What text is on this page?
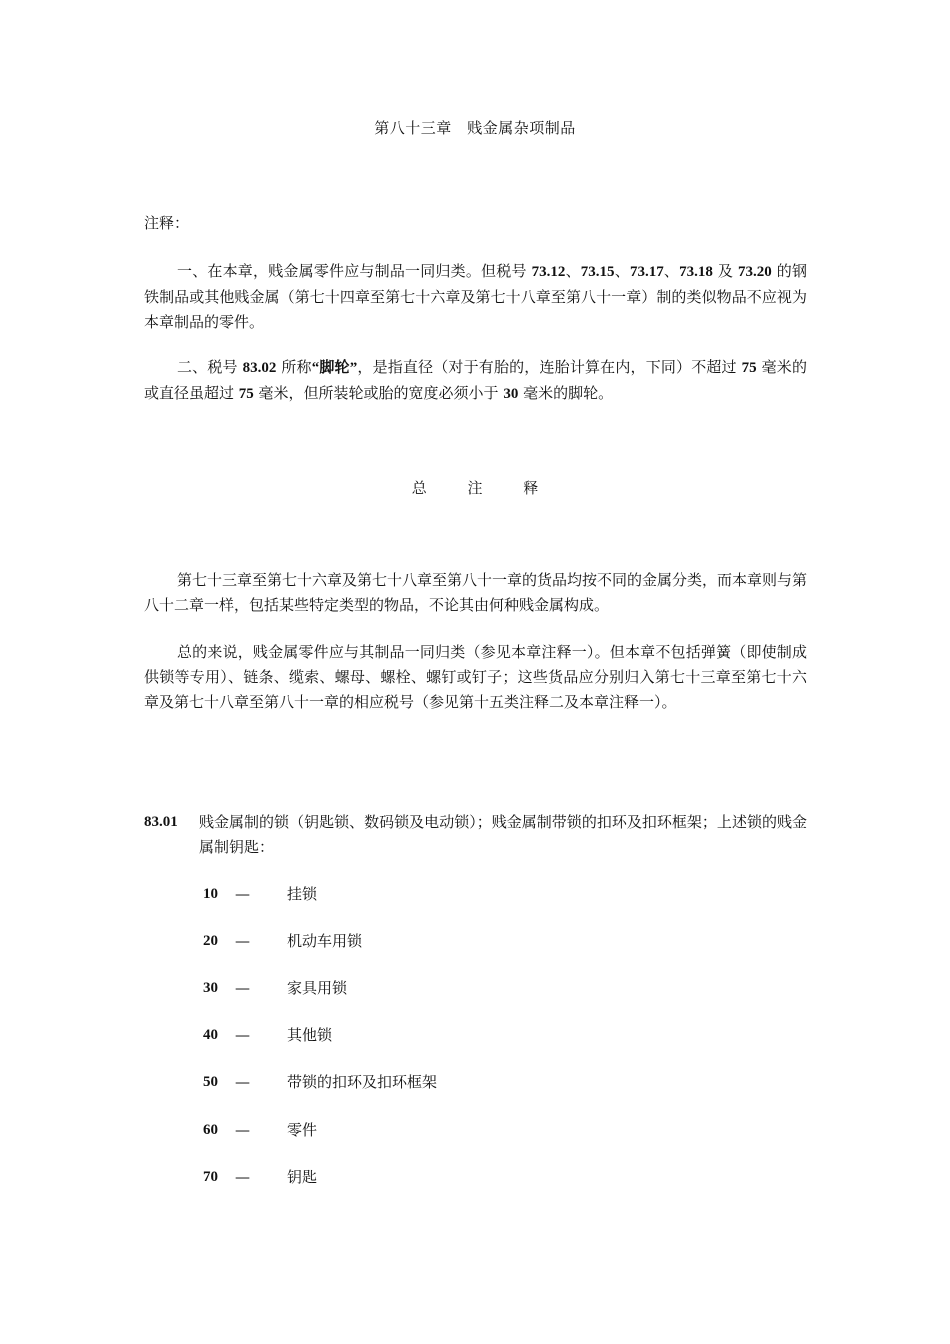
第八十三章　贱金属杂项制品
注释：
一、在本章，贱金属零件应与制品一同归类。但税号 73.12、73.15、73.17、73.18 及 73.20 的钢铁制品或其他贱金属（第七十四章至第七十六章及第七十八章至第八十一章）制的类似物品不应视为本章制品的零件。
二、税号 83.02 所称“脚轮”，是指直径（对于有胎的，连胎计算在内，下同）不超过 75 毫米的或直径虽超过 75 毫米，但所装轮或胎的宽度必须小于 30 毫米的脚轮。
总 注 释
第七十三章至第七十六章及第七十八章至第八十一章的货品均按不同的金属分类，而本章则与第八十二章一样，包括某些特定类型的物品，不论其由何种贱金属构成。
总的来说，贱金属零件应与其制品一同归类（参见本章注释一）。但本章不包括弹簧（即使制成供锁等专用）、链条、缆索、螺母、螺栓、螺钉或钉子；这些货品应分别归入第七十三章至第七十六章及第七十八章至第八十一章的相应税号（参见第十五类注释二及本章注释一）。
83.01	贱金属制的锁（钥匙锁、数码锁及电动锁）；贱金属制带锁的扣环及扣环框架；上述锁的贱金属制钥匙：
10	—	挂锁
20	—	机动车用锁
30	—	家具用锁
40	—	其他锁
50	—	带锁的扣环及扣环框架
60	—	零件
70	—	钥匙
